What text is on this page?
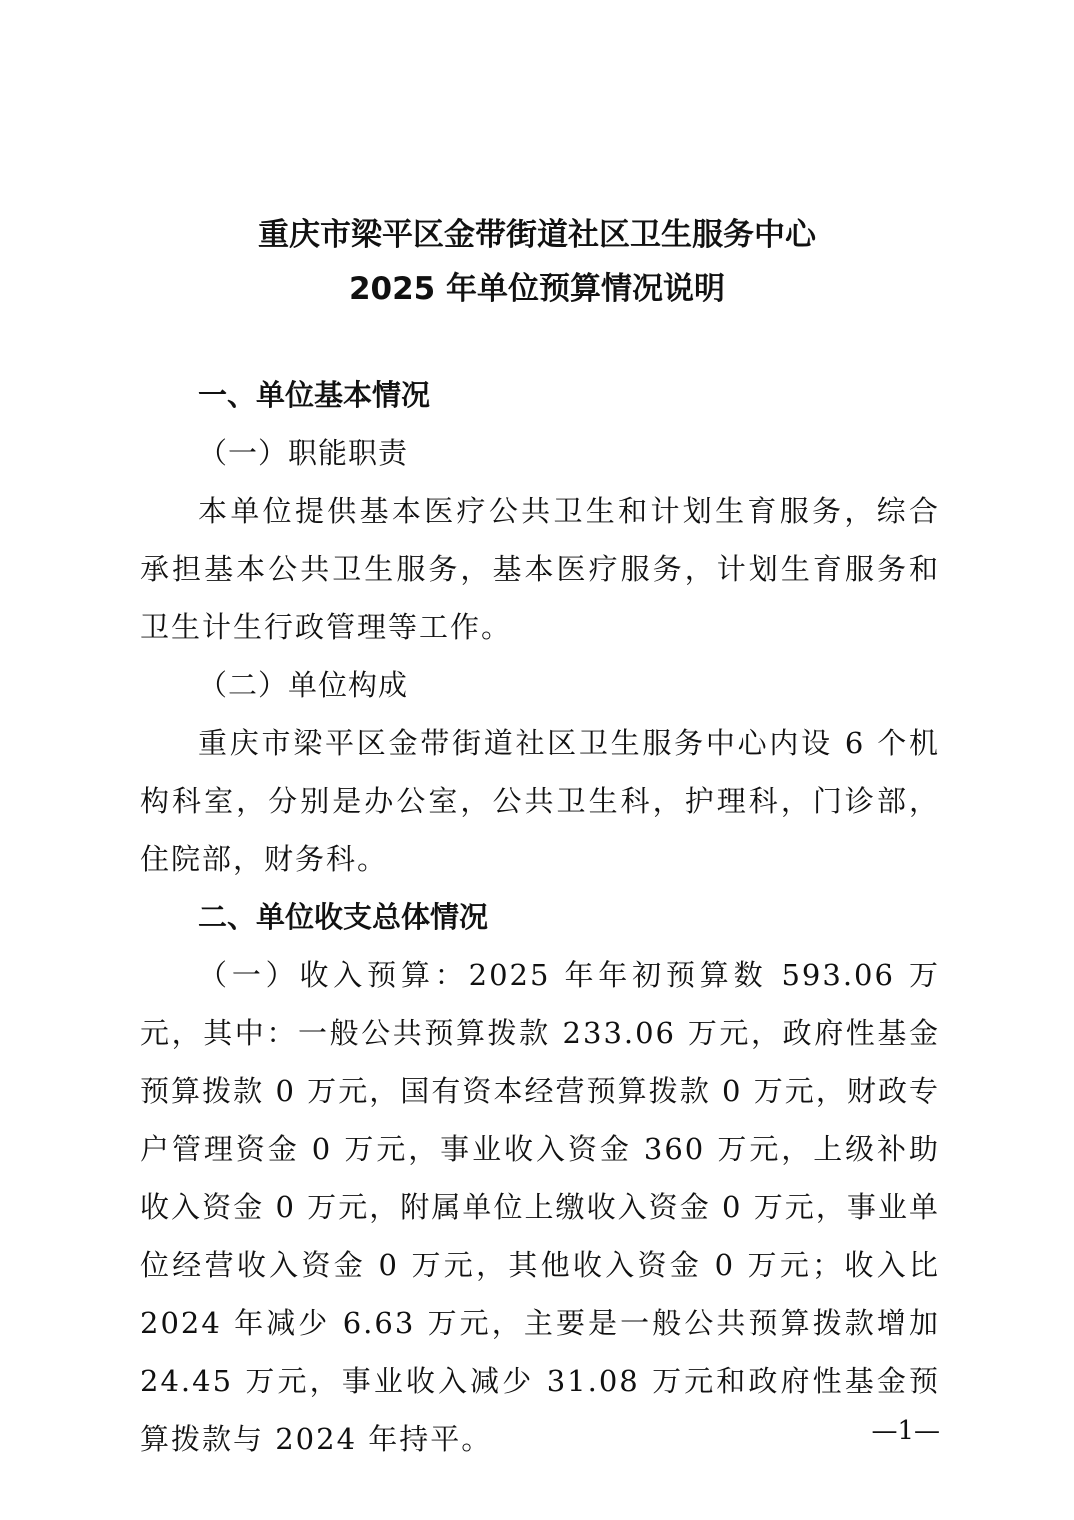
重庆市梁平区金带街道社区卫生服务中心
2025 年单位预算情况说明

一、单位基本情况

（一）职能职责

本单位提供基本医疗公共卫生和计划生育服务，综合承担基本公共卫生服务，基本医疗服务，计划生育服务和卫生计生行政管理等工作。

（二）单位构成

重庆市梁平区金带街道社区卫生服务中心内设 6 个机构科室，分别是办公室，公共卫生科，护理科，门诊部，住院部，财务科。

二、单位收支总体情况

（一）收入预算：2025 年年初预算数 593.06 万元，其中：一般公共预算拨款 233.06 万元，政府性基金预算拨款 0 万元，国有资本经营预算拨款 0 万元，财政专户管理资金 0 万元，事业收入资金 360 万元，上级补助收入资金 0 万元，附属单位上缴收入资金 0 万元，事业单位经营收入资金 0 万元，其他收入资金 0 万元；收入比 2024 年减少 6.63 万元，主要是一般公共预算拨款增加 24.45 万元，事业收入减少 31.08 万元和政府性基金预算拨款与 2024 年持平。	—1—
